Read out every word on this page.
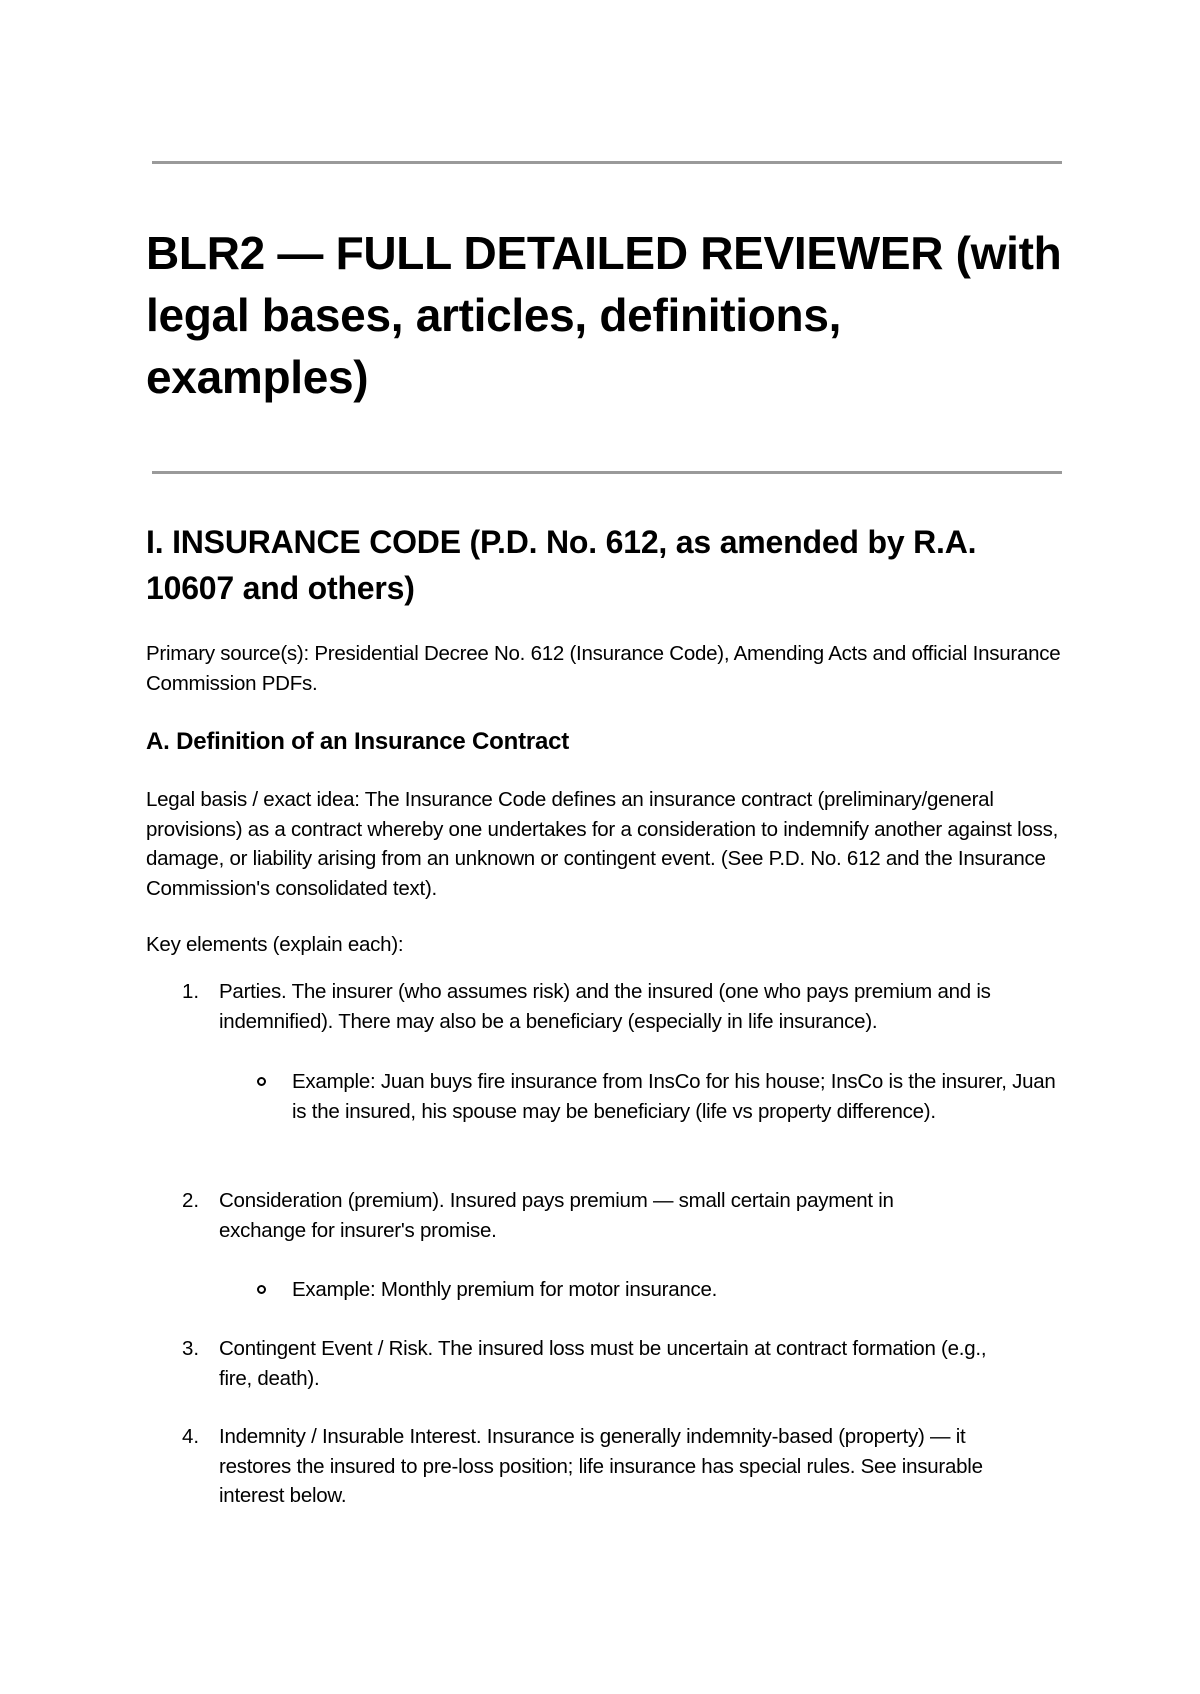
BLR2 — FULL DETAILED REVIEWER (with legal bases, articles, definitions, examples)
I. INSURANCE CODE (P.D. No. 612, as amended by R.A. 10607 and others)

Primary source(s): Presidential Decree No. 612 (Insurance Code), Amending Acts and official Insurance Commission PDFs.

A. Definition of an Insurance Contract

Legal basis / exact idea: The Insurance Code defines an insurance contract (preliminary/general provisions) as a contract whereby one undertakes for a consideration to indemnify another against loss, damage, or liability arising from an unknown or contingent event. (See P.D. No. 612 and the Insurance Commission's consolidated text).

Key elements (explain each):

1. Parties. The insurer (who assumes risk) and the insured (one who pays premium and is indemnified). There may also be a beneficiary (especially in life insurance).
Example: Juan buys fire insurance from InsCo for his house; InsCo is the insurer, Juan is the insured, his spouse may be beneficiary (life vs property difference).
2. Consideration (premium). Insured pays premium — small certain payment in exchange for insurer's promise.
Example: Monthly premium for motor insurance.
3. Contingent Event / Risk. The insured loss must be uncertain at contract formation (e.g., fire, death).
4. Indemnity / Insurable Interest. Insurance is generally indemnity-based (property) — it restores the insured to pre-loss position; life insurance has special rules. See insurable interest below.
